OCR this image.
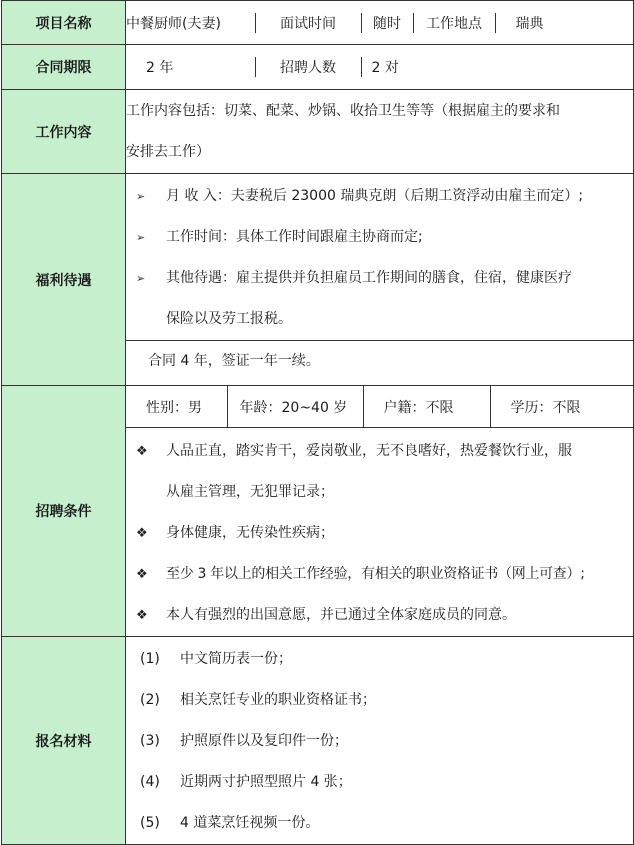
项目名称	中餐厨师(夫妻)	面试时间	随时	工作地点	瑞典

合同期限		2 年	招聘人数	2 对

工作内容	
工作内容包括：切菜、配菜、炒锅、收拾卫生等等（根据雇主的要求和
安排去工作）

福利待遇	
➢ 月 收 入：夫妻税后 23000 瑞典克朗（后期工资浮动由雇主而定）;
➢ 工作时间：具体工作时间跟雇主协商而定;
➢ 其他待遇：雇主提供并负担雇员工作期间的膳食，住宿，健康医疗
保险以及劳工报税。
合同 4 年，签证一年一续。

招聘条件	
性别：男	年龄：20~40 岁	户籍：不限	学历：不限
❖ 人品正直，踏实肯干，爱岗敬业，无不良嗜好，热爱餐饮行业，服
从雇主管理，无犯罪记录；
❖ 身体健康，无传染性疾病；
❖ 至少 3 年以上的相关工作经验，有相关的职业资格证书（网上可查）;
❖ 本人有强烈的出国意愿，并已通过全体家庭成员的同意。

报名材料	
(1) 中文简历表一份；
(2) 相关烹饪专业的职业资格证书；
(3) 护照原件以及复印件一份；
(4) 近期两寸护照型照片 4 张；
(5) 4 道菜烹饪视频一份。
